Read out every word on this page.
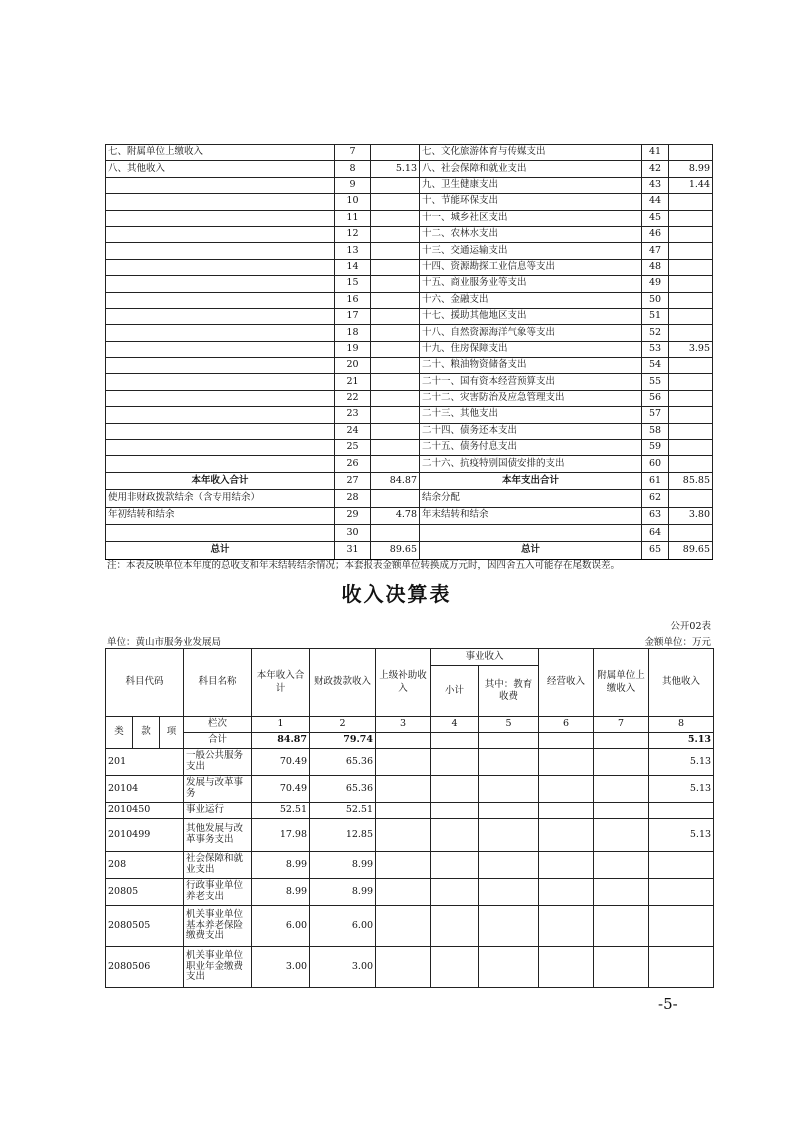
七、附属单位上缴收入	7		七、文化旅游体育与传媒支出	41	
八、其他收入	8	5.13	八、社会保障和就业支出	42	8.99
	9		九、卫生健康支出	43	1.44
	10		十、节能环保支出	44	
	11		十一、城乡社区支出	45	
	12		十二、农林水支出	46	
	13		十三、交通运输支出	47	
	14		十四、资源勘探工业信息等支出	48	
	15		十五、商业服务业等支出	49	
	16		十六、金融支出	50	
	17		十七、援助其他地区支出	51	
	18		十八、自然资源海洋气象等支出	52	
	19		十九、住房保障支出	53	3.95
	20		二十、粮油物资储备支出	54	
	21		二十一、国有资本经营预算支出	55	
	22		二十二、灾害防治及应急管理支出	56	
	23		二十三、其他支出	57	
	24		二十四、债务还本支出	58	
	25		二十五、债务付息支出	59	
	26		二十六、抗疫特别国债安排的支出	60	
本年收入合计	27	84.87	本年支出合计	61	85.85
使用非财政拨款结余（含专用结余）	28		结余分配	62	
年初结转和结余	29	4.78	年末结转和结余	63	3.80
	30			64	
总计	31	89.65	总计	65	89.65
注：本表反映单位本年度的总收支和年末结转结余情况；本套报表金额单位转换成万元时，因四舍五入可能存在尾数误差。
收入决算表
公开02表
单位：黄山市服务业发展局	金额单位：万元
科目代码			科目名称	本年收入合计	财政拨款收入	上级补助收入	事业收入		经营收入	附属单位上缴收入	其他收入
							小计	其中：教育收费			
类	款	项	栏次	1	2	3	4	5	6	7	8
			合计	84.87	79.74						5.13
201			一般公共服务支出	70.49	65.36						5.13
20104			发展与改革事务	70.49	65.36						5.13
2010450			事业运行	52.51	52.51						
2010499			其他发展与改革事务支出	17.98	12.85						5.13
208			社会保障和就业支出	8.99	8.99						
20805			行政事业单位养老支出	8.99	8.99						
2080505			机关事业单位基本养老保险缴费支出	6.00	6.00						
2080506			机关事业单位职业年金缴费支出	3.00	3.00						
-5-
